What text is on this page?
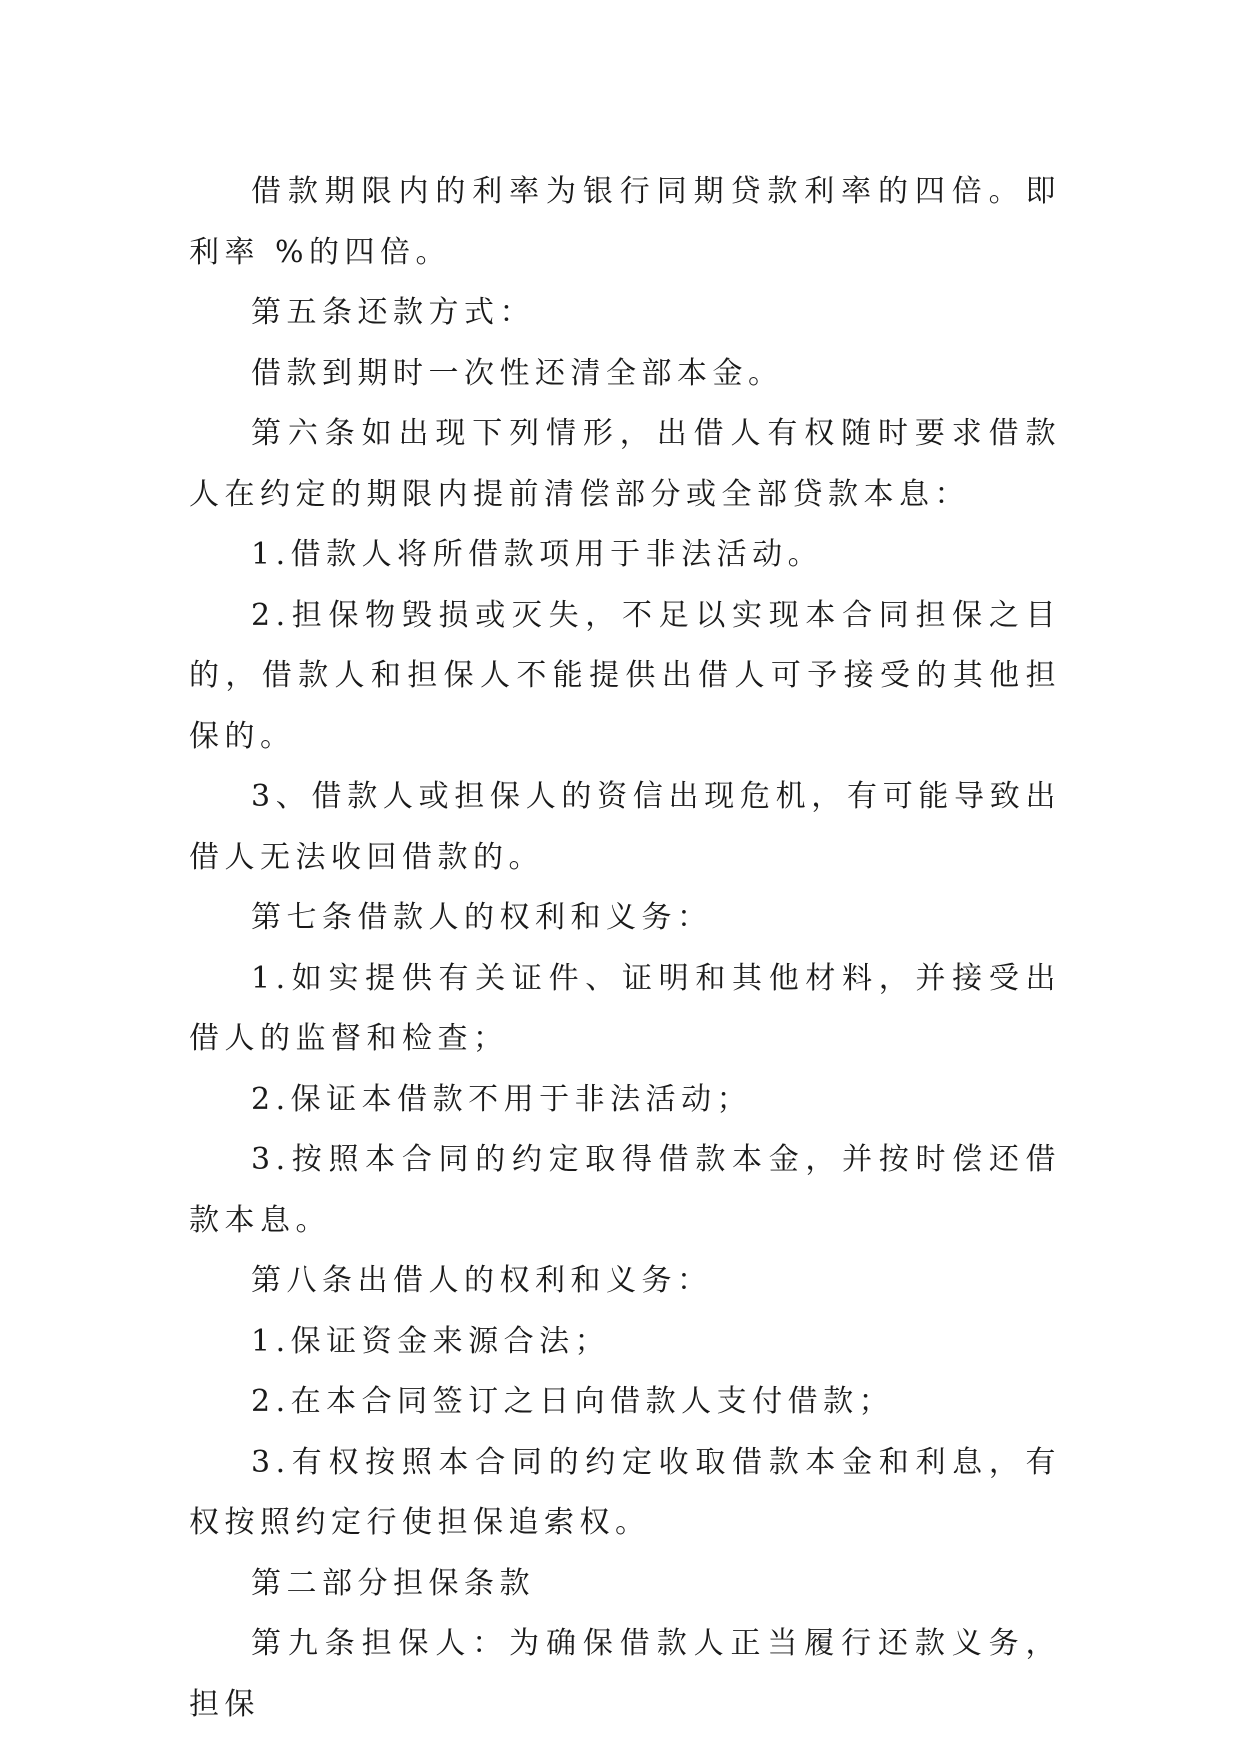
借款期限内的利率为银行同期贷款利率的四倍。即利率 %的四倍。

第五条还款方式：

借款到期时一次性还清全部本金。

第六条如出现下列情形，出借人有权随时要求借款人在约定的期限内提前清偿部分或全部贷款本息：

1.借款人将所借款项用于非法活动。

2.担保物毁损或灭失，不足以实现本合同担保之目的，借款人和担保人不能提供出借人可予接受的其他担保的。

3、借款人或担保人的资信出现危机，有可能导致出借人无法收回借款的。

第七条借款人的权利和义务：

1.如实提供有关证件、证明和其他材料，并接受出借人的监督和检查；

2.保证本借款不用于非法活动；

3.按照本合同的约定取得借款本金，并按时偿还借款本息。

第八条出借人的权利和义务：

1.保证资金来源合法；

2.在本合同签订之日向借款人支付借款；

3.有权按照本合同的约定收取借款本金和利息，有权按照约定行使担保追索权。

第二部分担保条款

第九条担保人：为确保借款人正当履行还款义务，担保
